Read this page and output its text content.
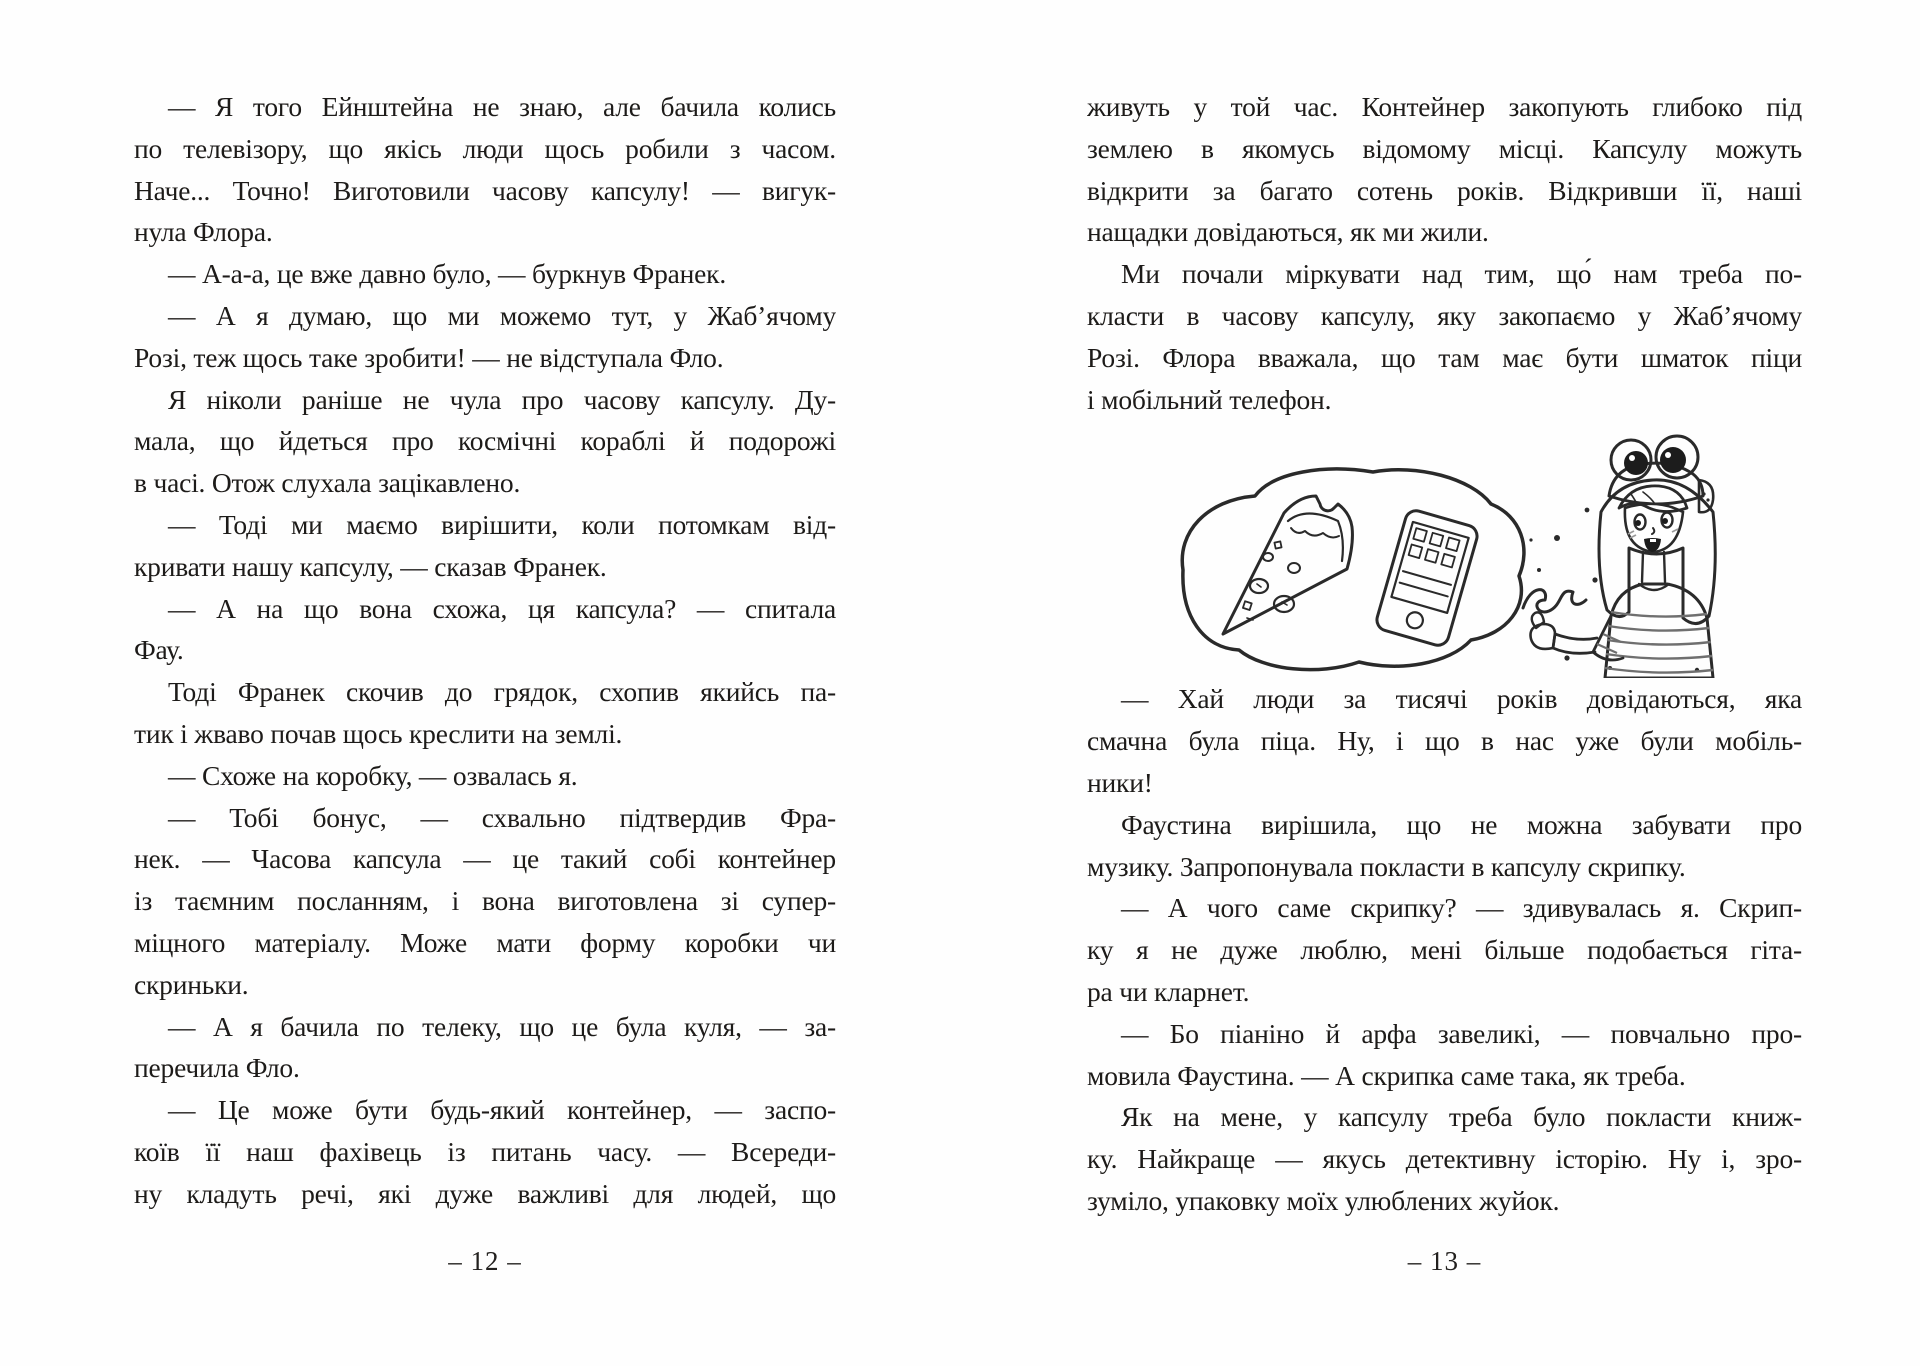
— Я того Ейнштейна не знаю, але бачила колись
по телевізору, що якісь люди щось робили з часом.
Наче... Точно! Виготовили часову капсулу! — вигук-
нула Флора.
— А-а-а, це вже давно було, — буркнув Франек.
— А я думаю, що ми можемо тут, у Жаб’ячому
Розі, теж щось таке зробити! — не відступала Фло.
Я ніколи раніше не чула про часову капсулу. Ду-
мала, що йдеться про космічні кораблі й подорожі
в часі. Отож слухала зацікавлено.
— Тоді ми маємо вирішити, коли потомкам від-
кривати нашу капсулу, — сказав Франек.
— А на що вона схожа, ця капсула? — спитала
Фау.
Тоді Франек скочив до грядок, схопив якийсь па-
тик і жваво почав щось креслити на землі.
— Схоже на коробку, — озвалась я.
— Тобі бонус, — схвально підтвердив Фра-
нек. — Часова капсула — це такий собі контейнер
із таємним посланням, і вона виготовлена зі супер-
міцного матеріалу. Може мати форму коробки чи
скриньки.
— А я бачила по телеку, що це була куля, — за-
перечила Фло.
— Це може бути будь-який контейнер, — заспо-
коїв її наш фахівець із питань часу. — Всереди-
ну кладуть речі, які дуже важливі для людей, що
живуть у той час. Контейнер закопують глибоко під
землею в якомусь відомому місці. Капсулу можуть
відкрити за багато сотень років. Відкривши її, наші
нащадки довідаються, як ми жили.
Ми почали міркувати над тим, що́ нам треба по-
класти в часову капсулу, яку закопаємо у Жаб’ячому
Розі. Флора вважала, що там має бути шматок піци
і мобільний телефон.
— Хай люди за тисячі років довідаються, яка
смачна була піца. Ну, і що в нас уже були мобіль-
ники!
Фаустина вирішила, що не можна забувати про
музику. Запропонувала покласти в капсулу скрипку.
— А чого саме скрипку? — здивувалась я. Скрип-
ку я не дуже люблю, мені більше подобається гіта-
ра чи кларнет.
— Бо піаніно й арфа завеликі, — повчально про-
мовила Фаустина. — А скрипка саме така, як треба.
Як на мене, у капсулу треба було покласти книж-
ку. Найкраще — якусь детективну історію. Ну і, зро-
зуміло, упаковку моїх улюблених жуйок.
– 12 –	– 13 –
